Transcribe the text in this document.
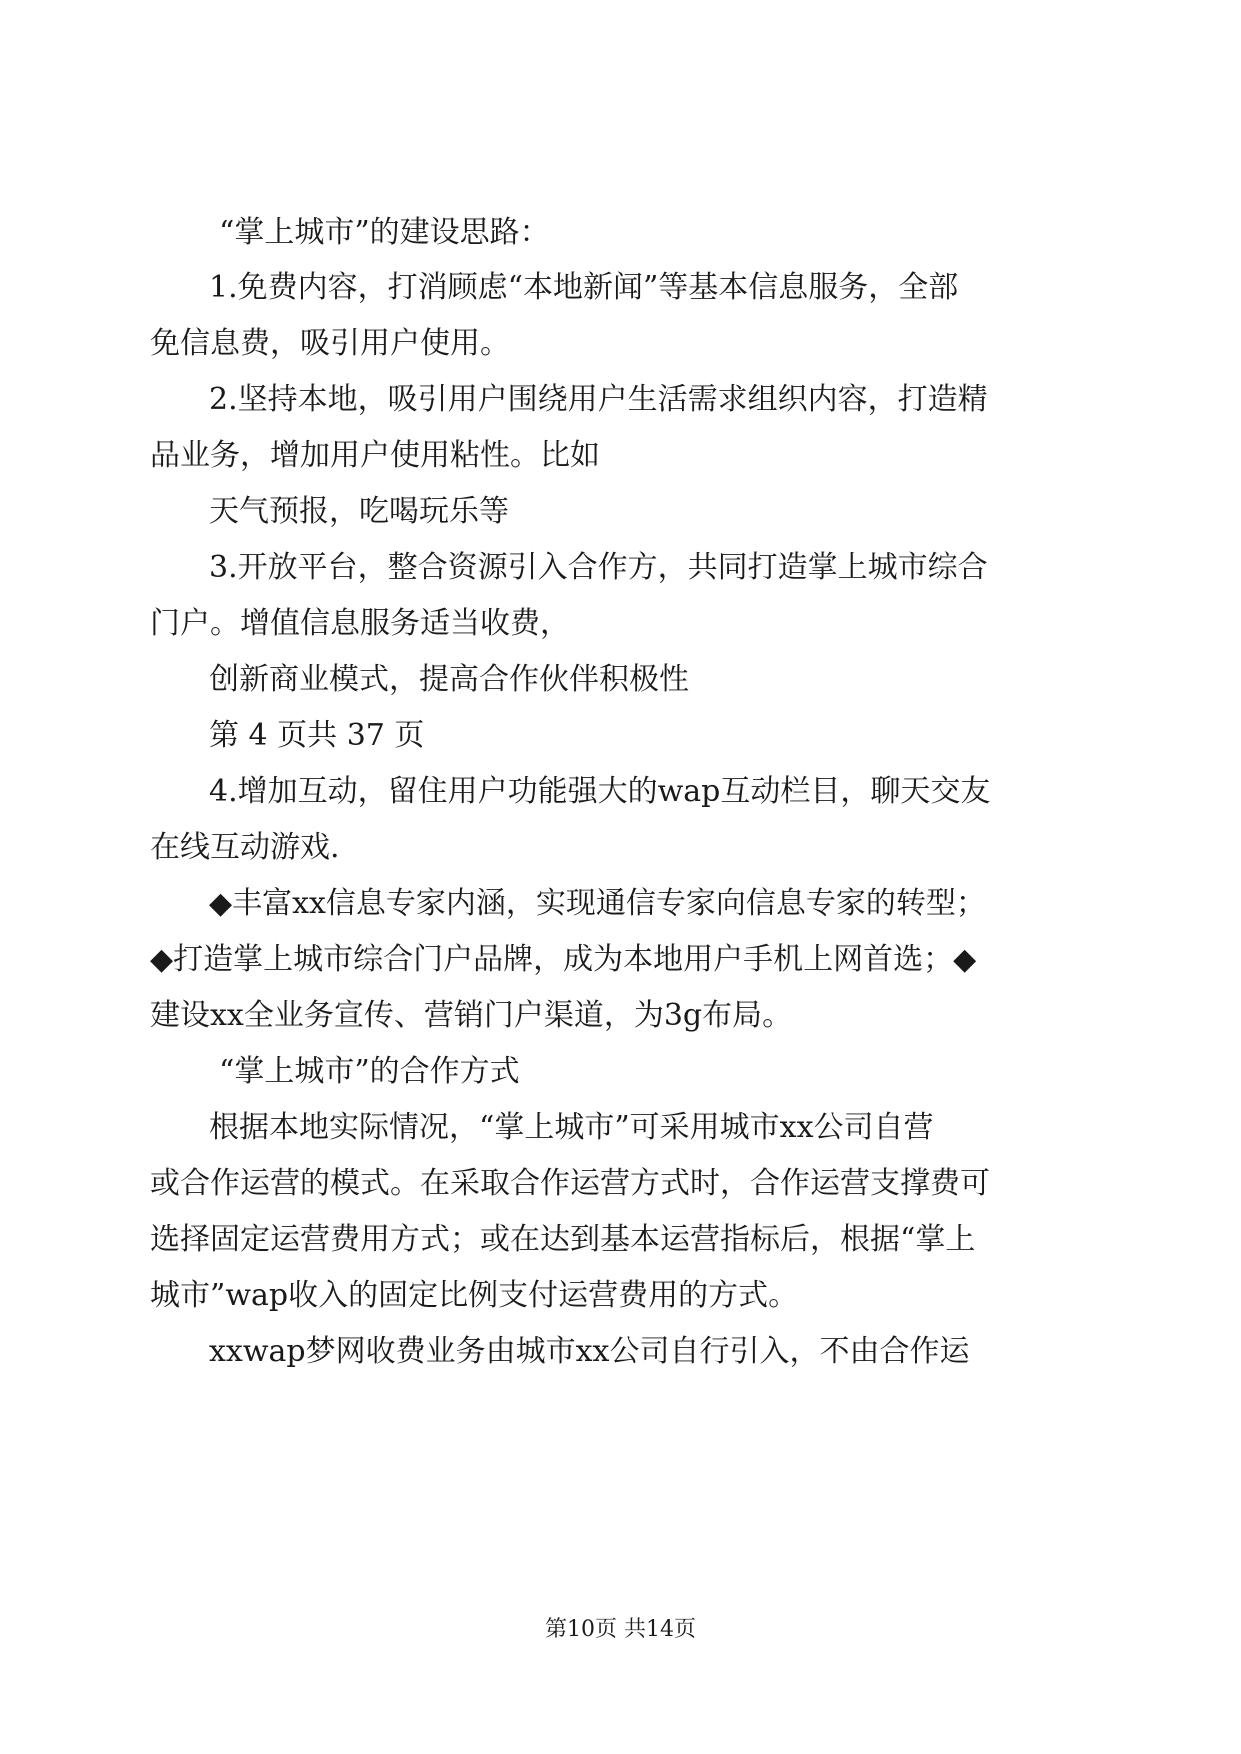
“掌上城市”的建设思路：

1.免费内容，打消顾虑“本地新闻”等基本信息服务，全部

免信息费，吸引用户使用。

2.坚持本地，吸引用户围绕用户生活需求组织内容，打造精

品业务，增加用户使用粘性。比如

天气预报，吃喝玩乐等

3.开放平台，整合资源引入合作方，共同打造掌上城市综合

门户。增值信息服务适当收费，

创新商业模式，提高合作伙伴积极性

第 4 页共 37 页

4.增加互动，留住用户功能强大的wap互动栏目，聊天交友

在线互动游戏.

◆丰富xx信息专家内涵，实现通信专家向信息专家的转型；

◆打造掌上城市综合门户品牌，成为本地用户手机上网首选；◆

建设xx全业务宣传、营销门户渠道，为3g布局。

“掌上城市”的合作方式

根据本地实际情况，“掌上城市”可采用城市xx公司自营

或合作运营的模式。在采取合作运营方式时，合作运营支撑费可

选择固定运营费用方式；或在达到基本运营指标后，根据“掌上

城市”wap收入的固定比例支付运营费用的方式。

xxwap梦网收费业务由城市xx公司自行引入，不由合作运

第10页 共14页
